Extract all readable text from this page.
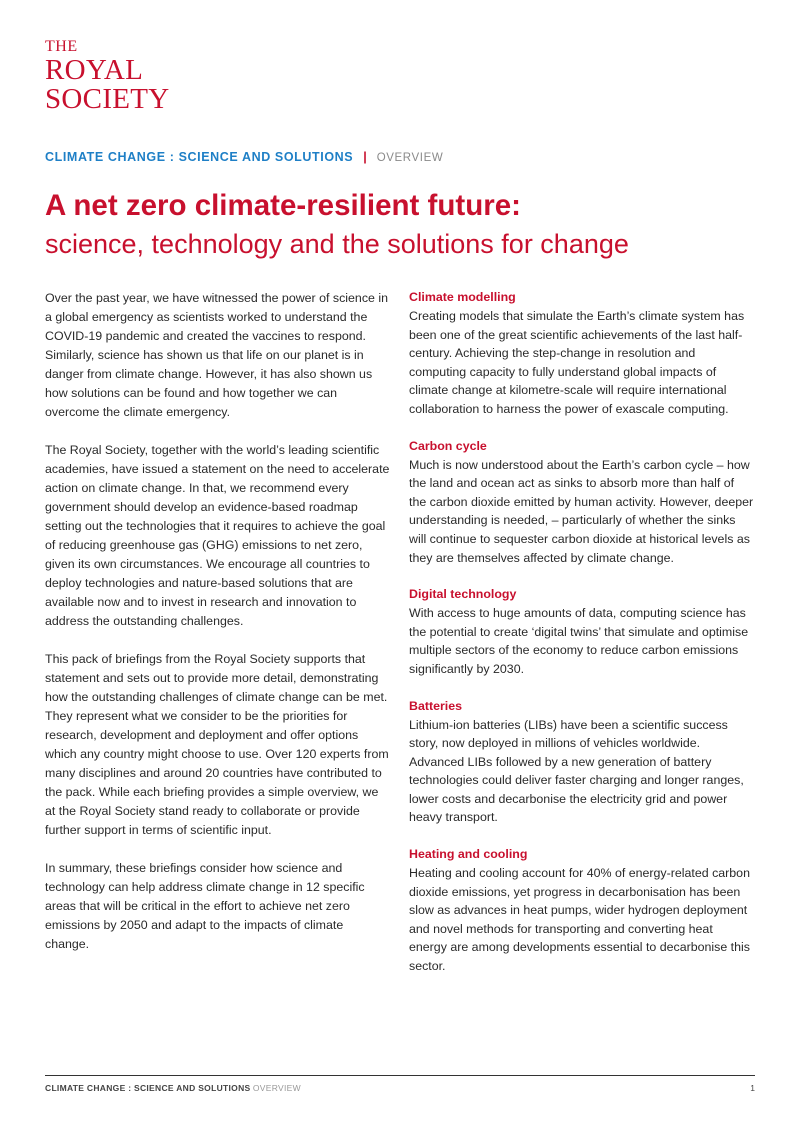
THE
ROYAL
SOCIETY
CLIMATE CHANGE : SCIENCE AND SOLUTIONS | OVERVIEW
A net zero climate-resilient future:
science, technology and the solutions for change

Over the past year, we have witnessed the power of science in a global emergency as scientists worked to understand the COVID-19 pandemic and created the vaccines to respond. Similarly, science has shown us that life on our planet is in danger from climate change. However, it has also shown us how solutions can be found and how together we can overcome the climate emergency.

The Royal Society, together with the world’s leading scientific academies, have issued a statement on the need to accelerate action on climate change. In that, we recommend every government should develop an evidence-based roadmap setting out the technologies that it requires to achieve the goal of reducing greenhouse gas (GHG) emissions to net zero, given its own circumstances. We encourage all countries to deploy technologies and nature-based solutions that are available now and to invest in research and innovation to address the outstanding challenges.

This pack of briefings from the Royal Society supports that statement and sets out to provide more detail, demonstrating how the outstanding challenges of climate change can be met. They represent what we consider to be the priorities for research, development and deployment and offer options which any country might choose to use. Over 120 experts from many disciplines and around 20 countries have contributed to the pack. While each briefing provides a simple overview, we at the Royal Society stand ready to collaborate or provide further support in terms of scientific input.

In summary, these briefings consider how science and technology can help address climate change in 12 specific areas that will be critical in the effort to achieve net zero emissions by 2050 and adapt to the impacts of climate change.

Climate modelling

Creating models that simulate the Earth’s climate system has been one of the great scientific achievements of the last half-century. Achieving the step-change in resolution and computing capacity to fully understand global impacts of climate change at kilometre-scale will require international collaboration to harness the power of exascale computing.

Carbon cycle

Much is now understood about the Earth’s carbon cycle – how the land and ocean act as sinks to absorb more than half of the carbon dioxide emitted by human activity. However, deeper understanding is needed, – particularly of whether the sinks will continue to sequester carbon dioxide at historical levels as they are themselves affected by climate change.

Digital technology

With access to huge amounts of data, computing science has the potential to create ‘digital twins’ that simulate and optimise multiple sectors of the economy to reduce carbon emissions significantly by 2030.

Batteries

Lithium-ion batteries (LIBs) have been a scientific success story, now deployed in millions of vehicles worldwide. Advanced LIBs followed by a new generation of battery technologies could deliver faster charging and longer ranges, lower costs and decarbonise the electricity grid and power heavy transport.

Heating and cooling

Heating and cooling account for 40% of energy-related carbon dioxide emissions, yet progress in decarbonisation has been slow as advances in heat pumps, wider hydrogen deployment and novel methods for transporting and converting heat energy are among developments essential to decarbonise this sector.

CLIMATE CHANGE : SCIENCE AND SOLUTIONS OVERVIEW	1
